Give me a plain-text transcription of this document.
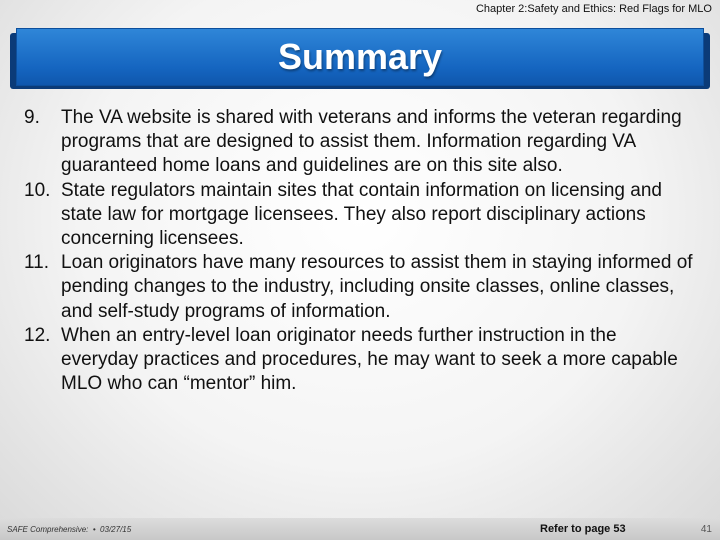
Chapter 2:Safety and Ethics: Red Flags for MLO
Summary
9.	The VA website is shared with veterans and informs the veteran regarding programs that are designed to assist them. Information regarding VA guaranteed home loans and guidelines are on this site also.
10. State regulators maintain sites that contain information on licensing and state law for mortgage licensees. They also report disciplinary actions concerning licensees.
11. Loan originators have many resources to assist them in staying informed of pending changes to the industry, including onsite classes, online classes, and self-study programs of information.
12. When an entry-level loan originator needs further instruction in the everyday practices and procedures, he may want to seek a more capable MLO who can “mentor” him.
SAFE Comprehensive:  •  03/27/15	Refer to page 53	41
